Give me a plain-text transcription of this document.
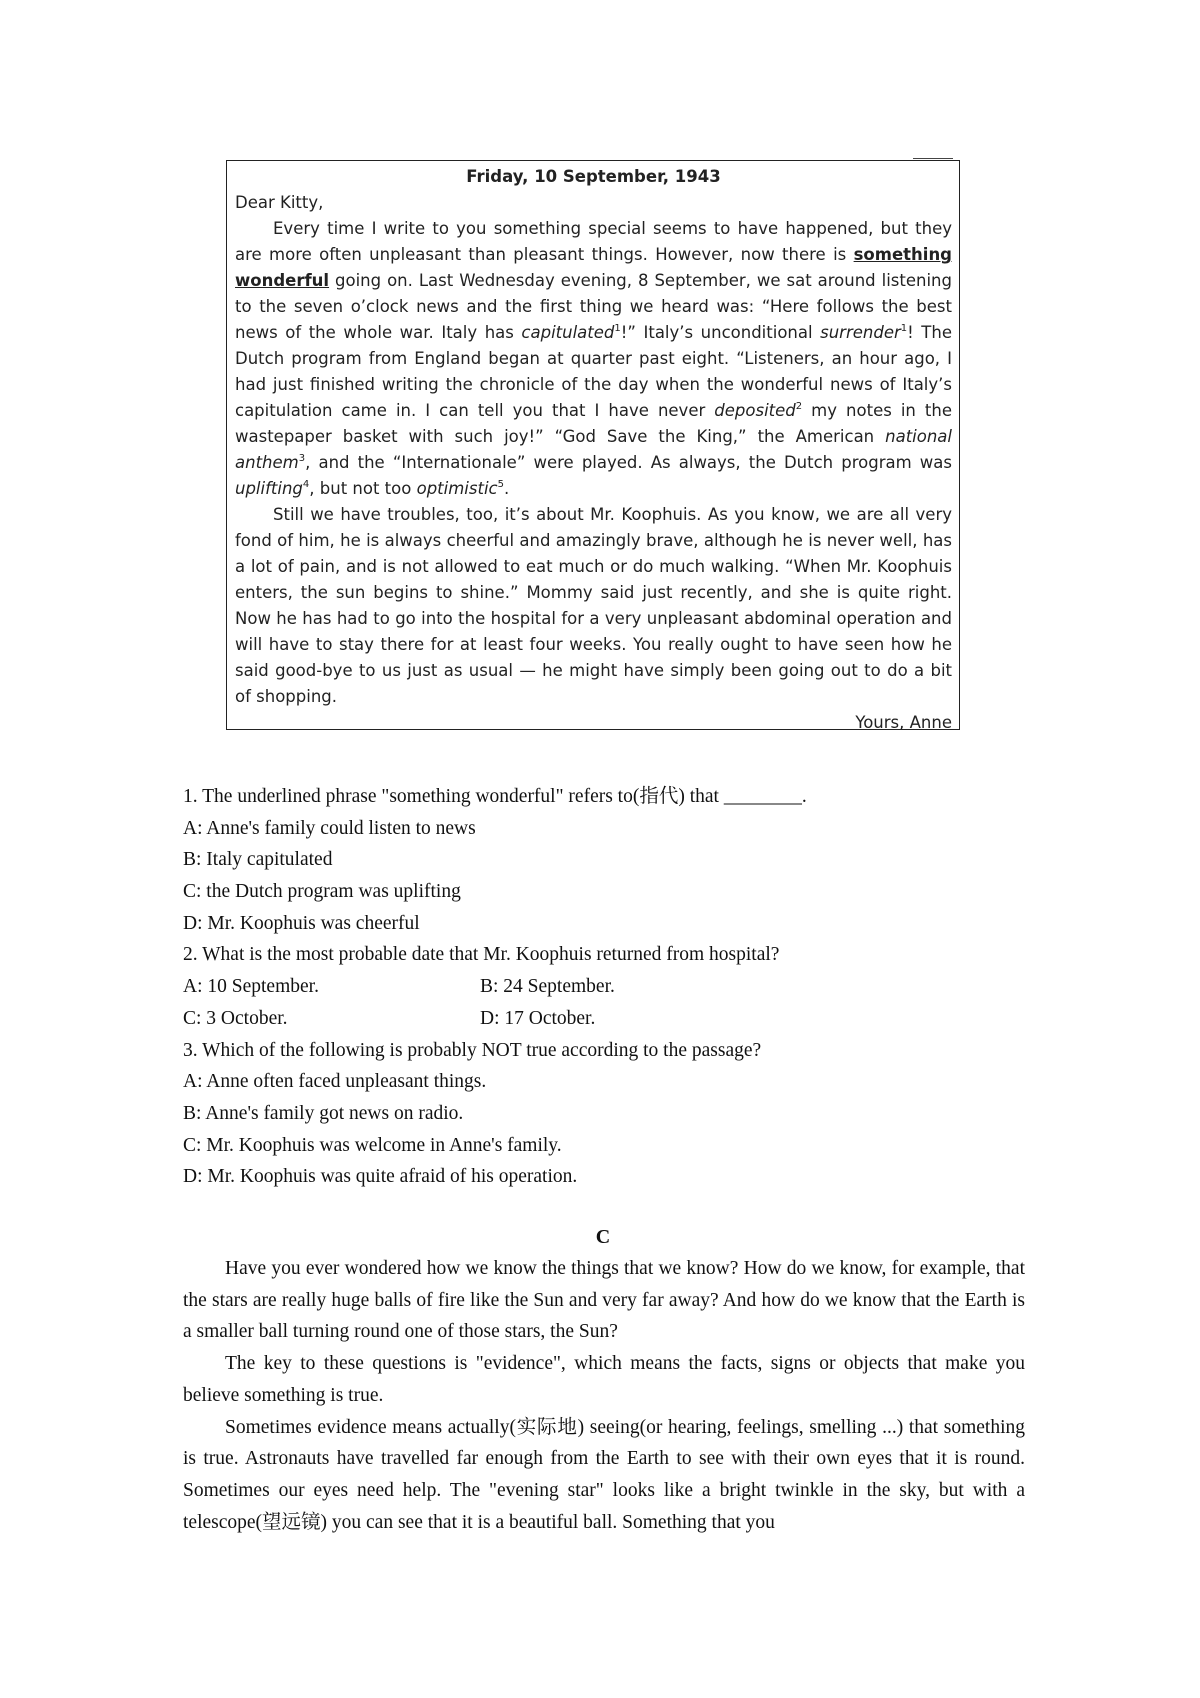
Friday, 10 September, 1943
Dear Kitty,

Every time I write to you something special seems to have happened, but they are more often unpleasant than pleasant things. However, now there is something wonderful going on. Last Wednesday evening, 8 September, we sat around listening to the seven o’clock news and the first thing we heard was: “Here follows the best news of the whole war. Italy has capitulated$^1$!” Italy’s unconditional surrender$^1$! The Dutch program from England began at quarter past eight. “Listeners, an hour ago, I had just finished writing the chronicle of the day when the wonderful news of Italy’s capitulation came in. I can tell you that I have never deposited$^2$ my notes in the wastepaper basket with such joy!” “God Save the King,” the American national anthem$^3$, and the “Internationale” were played. As always, the Dutch program was uplifting$^4$, but not too optimistic$^5$.

Still we have troubles, too, it’s about Mr. Koophuis. As you know, we are all very fond of him, he is always cheerful and amazingly brave, although he is never well, has a lot of pain, and is not allowed to eat much or do much walking. “When Mr. Koophuis enters, the sun begins to shine.” Mommy said just recently, and she is quite right. Now he has had to go into the hospital for a very unpleasant abdominal operation and will have to stay there for at least four weeks. You really ought to have seen how he said good-bye to us just as usual — he might have simply been going out to do a bit of shopping.

Yours, Anne
1. The underlined phrase "something wonderful" refers to(指代) that ________.
A: Anne's family could listen to news
B: Italy capitulated
C: the Dutch program was uplifting
D: Mr. Koophuis was cheerful
2. What is the most probable date that Mr. Koophuis returned from hospital?
A: 10 September.	B: 24 September.
C: 3 October.	D: 17 October.
3. Which of the following is probably NOT true according to the passage?
A: Anne often faced unpleasant things.
B: Anne's family got news on radio.
C: Mr. Koophuis was welcome in Anne's family.
D: Mr. Koophuis was quite afraid of his operation.
C

Have you ever wondered how we know the things that we know? How do we know, for example, that the stars are really huge balls of fire like the Sun and very far away? And how do we know that the Earth is a smaller ball turning round one of those stars, the Sun?

The key to these questions is "evidence", which means the facts, signs or objects that make you believe something is true.

Sometimes evidence means actually(实际地) seeing(or hearing, feelings, smelling ...) that something is true. Astronauts have travelled far enough from the Earth to see with their own eyes that it is round. Sometimes our eyes need help. The "evening star" looks like a bright twinkle in the sky, but with a telescope(望远镜) you can see that it is a beautiful ball. Something that you
